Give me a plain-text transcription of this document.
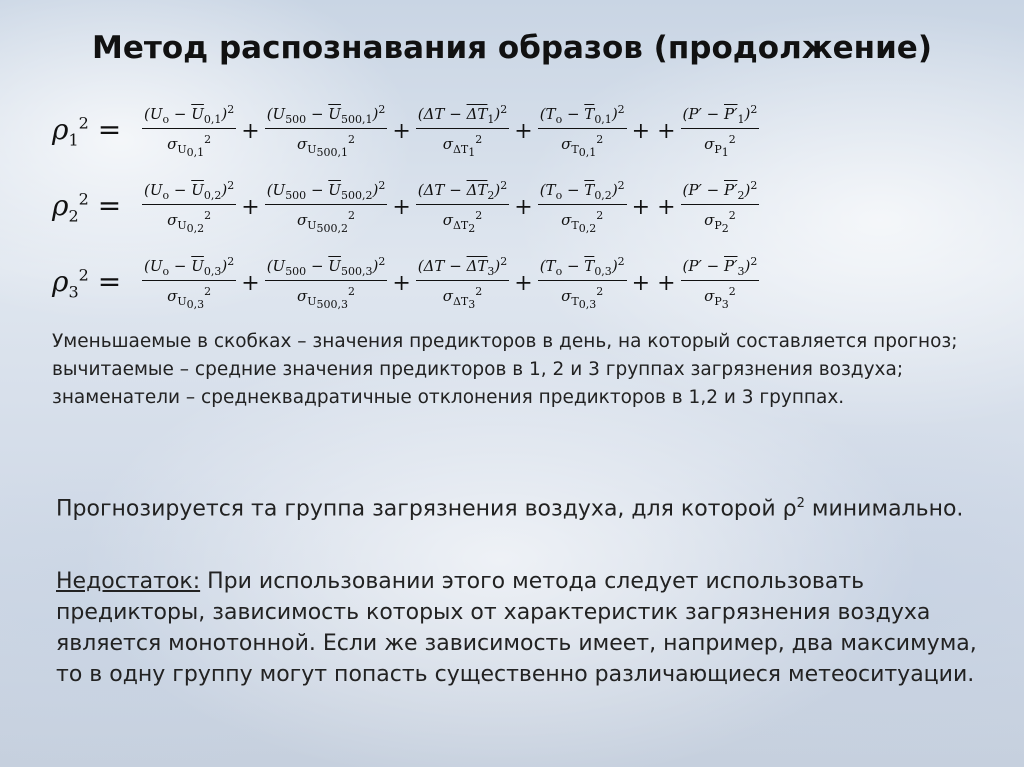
Метод распознавания образов (продолжение)
$\rho_1^2$ =	$\frac{(U_o - \overline{U}_{0,1})^2}{\sigma_{U_{0,1}}^2} + \frac{(U_{500} - \overline{U}_{500,1})^2}{\sigma_{U_{500,1}}^2} + \frac{(\Delta T - \overline{\Delta T}_1)^2}{\sigma_{\Delta T_1}^2} + \frac{(T_o - \overline{T}_{0,1})^2}{\sigma_{T_{0,1}}^2}$ + + $\frac{(P' - P'_1)^2}{\sigma_{P_1}^2}$
$\rho_2^2$ =	$\frac{(U_o - \overline{U}_{0,2})^2}{\sigma_{U_{0,2}}^2} + \frac{(U_{500} - \overline{U}_{500,2})^2}{\sigma_{U_{500,2}}^2} + \frac{(\Delta T - \overline{\Delta T}_2)^2}{\sigma_{\Delta T_2}^2} + \frac{(T_o - \overline{T}_{0,2})^2}{\sigma_{T_{0,2}}^2}$ + + $\frac{(P' - P'_2)^2}{\sigma_{P_2}^2}$
$\rho_3^2$ =	$\frac{(U_o - \overline{U}_{0,3})^2}{\sigma_{U_{0,3}}^2} + \frac{(U_{500} - \overline{U}_{500,3})^2}{\sigma_{U_{500,3}}^2} + \frac{(\Delta T - \overline{\Delta T}_3)^2}{\sigma_{\Delta T_3}^2} + \frac{(T_o - \overline{T}_{0,3})^2}{\sigma_{T_{0,3}}^2}$ + + $\frac{(P' - P'_3)^2}{\sigma_{P_3}^2}$
Уменьшаемые в скобках – значения предикторов в день, на который составляется прогноз; вычитаемые – средние значения предикторов в 1, 2 и 3 группах загрязнения воздуха; знаменатели – среднеквадратичные отклонения предикторов в 1,2 и 3 группах.
Прогнозируется та группа загрязнения воздуха, для которой $\rho^2$ минимально.
Недостаток: При использовании этого метода следует использовать предикторы, зависимость которых от характеристик загрязнения воздуха является монотонной. Если же зависимость имеет, например, два максимума, то в одну группу могут попасть существенно различающиеся метеоситуации.
